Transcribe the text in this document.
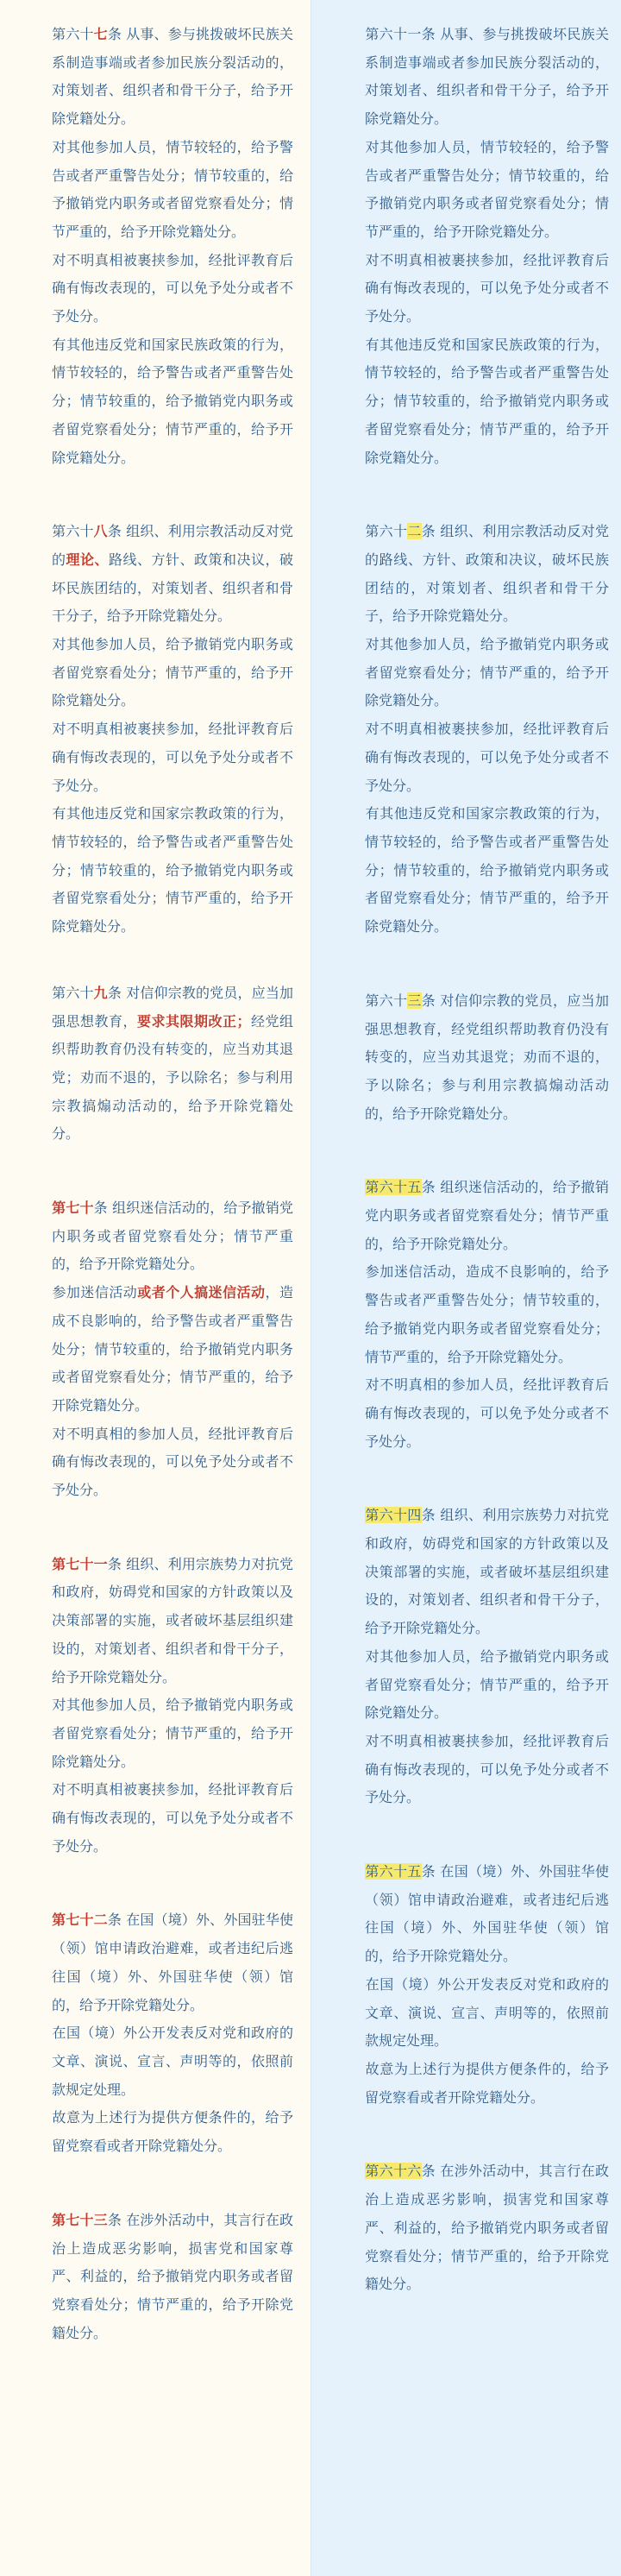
第六十七条 从事、参与挑拨破坏民族关系制造事端或者参加民族分裂活动的，对策划者、组织者和骨干分子，给予开除党籍处分。

对其他参加人员，情节较轻的，给予警告或者严重警告处分；情节较重的，给予撤销党内职务或者留党察看处分；情节严重的，给予开除党籍处分。

对不明真相被裹挟参加，经批评教育后确有悔改表现的，可以免予处分或者不予处分。

有其他违反党和国家民族政策的行为，情节较轻的，给予警告或者严重警告处分；情节较重的，给予撤销党内职务或者留党察看处分；情节严重的，给予开除党籍处分。

第六十八条 组织、利用宗教活动反对党的理论、路线、方针、政策和决议，破坏民族团结的，对策划者、组织者和骨干分子，给予开除党籍处分。

对其他参加人员，给予撤销党内职务或者留党察看处分；情节严重的，给予开除党籍处分。

对不明真相被裹挟参加，经批评教育后确有悔改表现的，可以免予处分或者不予处分。

有其他违反党和国家宗教政策的行为，情节较轻的，给予警告或者严重警告处分；情节较重的，给予撤销党内职务或者留党察看处分；情节严重的，给予开除党籍处分。

第六十九条 对信仰宗教的党员，应当加强思想教育，要求其限期改正；经党组织帮助教育仍没有转变的，应当劝其退党；劝而不退的，予以除名；参与利用宗教搞煽动活动的，给予开除党籍处分。

第七十条 组织迷信活动的，给予撤销党内职务或者留党察看处分；情节严重的，给予开除党籍处分。

参加迷信活动或者个人搞迷信活动，造成不良影响的，给予警告或者严重警告处分；情节较重的，给予撤销党内职务或者留党察看处分；情节严重的，给予开除党籍处分。

对不明真相的参加人员，经批评教育后确有悔改表现的，可以免予处分或者不予处分。

第七十一条 组织、利用宗族势力对抗党和政府，妨碍党和国家的方针政策以及决策部署的实施，或者破坏基层组织建设的，对策划者、组织者和骨干分子，给予开除党籍处分。

对其他参加人员，给予撤销党内职务或者留党察看处分；情节严重的，给予开除党籍处分。

对不明真相被裹挟参加，经批评教育后确有悔改表现的，可以免予处分或者不予处分。

第七十二条 在国（境）外、外国驻华使（领）馆申请政治避难，或者违纪后逃往国（境）外、外国驻华使（领）馆的，给予开除党籍处分。

在国（境）外公开发表反对党和政府的文章、演说、宣言、声明等的，依照前款规定处理。

故意为上述行为提供方便条件的，给予留党察看或者开除党籍处分。

第七十三条 在涉外活动中，其言行在政治上造成恶劣影响，损害党和国家尊严、利益的，给予撤销党内职务或者留党察看处分；情节严重的，给予开除党籍处分。

第六十一条 从事、参与挑拨破坏民族关系制造事端或者参加民族分裂活动的，对策划者、组织者和骨干分子，给予开除党籍处分。

对其他参加人员，情节较轻的，给予警告或者严重警告处分；情节较重的，给予撤销党内职务或者留党察看处分；情节严重的，给予开除党籍处分。

对不明真相被裹挟参加，经批评教育后确有悔改表现的，可以免予处分或者不予处分。

有其他违反党和国家民族政策的行为，情节较轻的，给予警告或者严重警告处分；情节较重的，给予撤销党内职务或者留党察看处分；情节严重的，给予开除党籍处分。

第六十二条 组织、利用宗教活动反对党的路线、方针、政策和决议，破坏民族团结的，对策划者、组织者和骨干分子，给予开除党籍处分。

对其他参加人员，给予撤销党内职务或者留党察看处分；情节严重的，给予开除党籍处分。

对不明真相被裹挟参加，经批评教育后确有悔改表现的，可以免予处分或者不予处分。

有其他违反党和国家宗教政策的行为，情节较轻的，给予警告或者严重警告处分；情节较重的，给予撤销党内职务或者留党察看处分；情节严重的，给予开除党籍处分。

第六十三条 对信仰宗教的党员，应当加强思想教育，经党组织帮助教育仍没有转变的，应当劝其退党；劝而不退的，予以除名；参与利用宗教搞煽动活动的，给予开除党籍处分。

第六十五条 组织迷信活动的，给予撤销党内职务或者留党察看处分；情节严重的，给予开除党籍处分。

参加迷信活动，造成不良影响的，给予警告或者严重警告处分；情节较重的，给予撤销党内职务或者留党察看处分；情节严重的，给予开除党籍处分。

对不明真相的参加人员，经批评教育后确有悔改表现的，可以免予处分或者不予处分。

第六十四条 组织、利用宗族势力对抗党和政府，妨碍党和国家的方针政策以及决策部署的实施，或者破坏基层组织建设的，对策划者、组织者和骨干分子，给予开除党籍处分。

对其他参加人员，给予撤销党内职务或者留党察看处分；情节严重的，给予开除党籍处分。

对不明真相被裹挟参加，经批评教育后确有悔改表现的，可以免予处分或者不予处分。

第六十五条 在国（境）外、外国驻华使（领）馆申请政治避难，或者违纪后逃往国（境）外、外国驻华使（领）馆的，给予开除党籍处分。

在国（境）外公开发表反对党和政府的文章、演说、宣言、声明等的，依照前款规定处理。

故意为上述行为提供方便条件的，给予留党察看或者开除党籍处分。

第六十六条 在涉外活动中，其言行在政治上造成恶劣影响，损害党和国家尊严、利益的，给予撤销党内职务或者留党察看处分；情节严重的，给予开除党籍处分。
